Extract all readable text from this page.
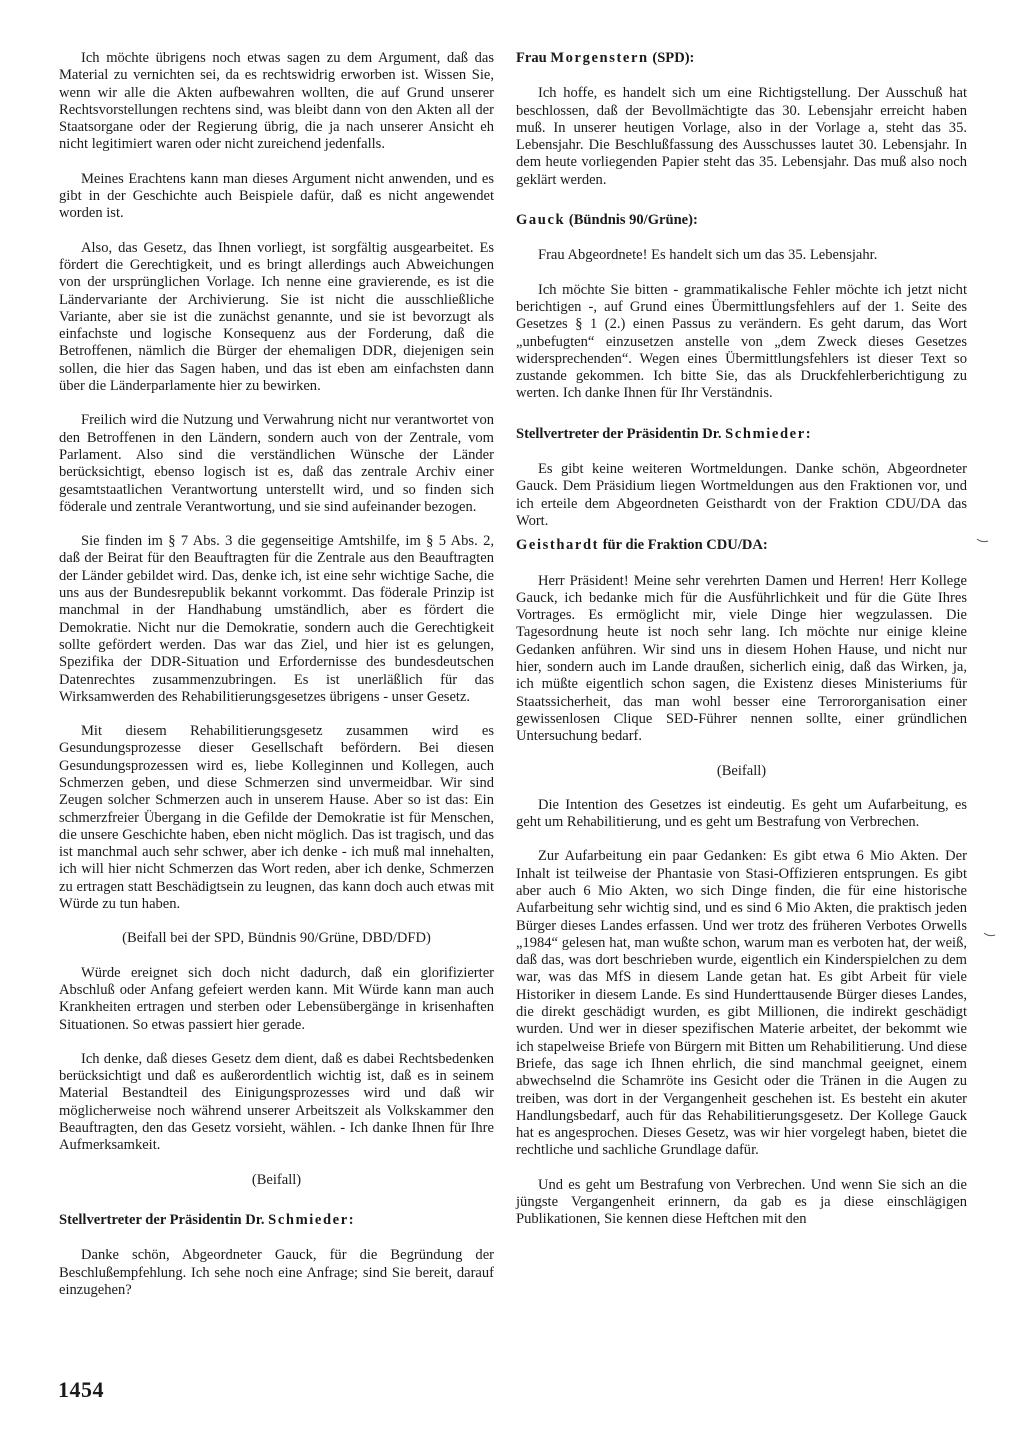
Ich möchte übrigens noch etwas sagen zu dem Argument, daß das Material zu vernichten sei, da es rechtswidrig erworben ist. Wissen Sie, wenn wir alle die Akten aufbewahren wollten, die auf Grund unserer Rechtsvorstellungen rechtens sind, was bleibt dann von den Akten all der Staatsorgane oder der Regierung übrig, die ja nach unserer Ansicht eh nicht legitimiert waren oder nicht zureichend jedenfalls.

Meines Erachtens kann man dieses Argument nicht anwenden, und es gibt in der Geschichte auch Beispiele dafür, daß es nicht angewendet worden ist.

Also, das Gesetz, das Ihnen vorliegt, ist sorgfältig ausgearbeitet. Es fördert die Gerechtigkeit, und es bringt allerdings auch Abweichungen von der ursprünglichen Vorlage. Ich nenne eine gravierende, es ist die Ländervariante der Archivierung. Sie ist nicht die ausschließliche Variante, aber sie ist die zunächst genannte, und sie ist bevorzugt als einfachste und logische Konsequenz aus der Forderung, daß die Betroffenen, nämlich die Bürger der ehemaligen DDR, diejenigen sein sollen, die hier das Sagen haben, und das ist eben am einfachsten dann über die Länderparlamente hier zu bewirken.

Freilich wird die Nutzung und Verwahrung nicht nur verantwortet von den Betroffenen in den Ländern, sondern auch von der Zentrale, vom Parlament. Also sind die verständlichen Wünsche der Länder berücksichtigt, ebenso logisch ist es, daß das zentrale Archiv einer gesamtstaatlichen Verantwortung unterstellt wird, und so finden sich föderale und zentrale Verantwortung, und sie sind aufeinander bezogen.

Sie finden im § 7 Abs. 3 die gegenseitige Amtshilfe, im § 5 Abs. 2, daß der Beirat für den Beauftragten für die Zentrale aus den Beauftragten der Länder gebildet wird. Das, denke ich, ist eine sehr wichtige Sache, die uns aus der Bundesrepublik bekannt vorkommt. Das föderale Prinzip ist manchmal in der Handhabung umständlich, aber es fördert die Demokratie. Nicht nur die Demokratie, sondern auch die Gerechtigkeit sollte gefördert werden. Das war das Ziel, und hier ist es gelungen, Spezifika der DDR-Situation und Erfordernisse des bundesdeutschen Datenrechtes zusammenzubringen. Es ist unerläßlich für das Wirksamwerden des Rehabilitierungsgesetzes übrigens - unser Gesetz.

Mit diesem Rehabilitierungsgesetz zusammen wird es Gesundungsprozesse dieser Gesellschaft befördern. Bei diesen Gesundungsprozessen wird es, liebe Kolleginnen und Kollegen, auch Schmerzen geben, und diese Schmerzen sind unvermeidbar. Wir sind Zeugen solcher Schmerzen auch in unserem Hause. Aber so ist das: Ein schmerzfreier Übergang in die Gefilde der Demokratie ist für Menschen, die unsere Geschichte haben, eben nicht möglich. Das ist tragisch, und das ist manchmal auch sehr schwer, aber ich denke - ich muß mal innehalten, ich will hier nicht Schmerzen das Wort reden, aber ich denke, Schmerzen zu ertragen statt Beschädigtsein zu leugnen, das kann doch auch etwas mit Würde zu tun haben.

(Beifall bei der SPD, Bündnis 90/Grüne, DBD/DFD)

Würde ereignet sich doch nicht dadurch, daß ein glorifizierter Abschluß oder Anfang gefeiert werden kann. Mit Würde kann man auch Krankheiten ertragen und sterben oder Lebensübergänge in krisenhaften Situationen. So etwas passiert hier gerade.

Ich denke, daß dieses Gesetz dem dient, daß es dabei Rechtsbedenken berücksichtigt und daß es außerordentlich wichtig ist, daß es in seinem Material Bestandteil des Einigungsprozesses wird und daß wir möglicherweise noch während unserer Arbeitszeit als Volkskammer den Beauftragten, den das Gesetz vorsieht, wählen. - Ich danke Ihnen für Ihre Aufmerksamkeit.

(Beifall)

Stellvertreter der Präsidentin Dr. Schmieder:

Danke schön, Abgeordneter Gauck, für die Begründung der Beschlußempfehlung. Ich sehe noch eine Anfrage; sind Sie bereit, darauf einzugehen?

Frau Morgenstern (SPD):

Ich hoffe, es handelt sich um eine Richtigstellung. Der Ausschuß hat beschlossen, daß der Bevollmächtigte das 30. Lebensjahr erreicht haben muß. In unserer heutigen Vorlage, also in der Vorlage a, steht das 35. Lebensjahr. Die Beschlußfassung des Ausschusses lautet 30. Lebensjahr. In dem heute vorliegenden Papier steht das 35. Lebensjahr. Das muß also noch geklärt werden.

Gauck (Bündnis 90/Grüne):

Frau Abgeordnete! Es handelt sich um das 35. Lebensjahr.

Ich möchte Sie bitten - grammatikalische Fehler möchte ich jetzt nicht berichtigen -, auf Grund eines Übermittlungsfehlers auf der 1. Seite des Gesetzes § 1 (2.) einen Passus zu verändern. Es geht darum, das Wort „unbefugten“ einzusetzen anstelle von „dem Zweck dieses Gesetzes widersprechenden“. Wegen eines Übermittlungsfehlers ist dieser Text so zustande gekommen. Ich bitte Sie, das als Druckfehlerberichtigung zu werten. Ich danke Ihnen für Ihr Verständnis.

Stellvertreter der Präsidentin Dr. Schmieder:

Es gibt keine weiteren Wortmeldungen. Danke schön, Abgeordneter Gauck. Dem Präsidium liegen Wortmeldungen aus den Fraktionen vor, und ich erteile dem Abgeordneten Geisthardt von der Fraktion CDU/DA das Wort.

Geisthardt für die Fraktion CDU/DA:

Herr Präsident! Meine sehr verehrten Damen und Herren! Herr Kollege Gauck, ich bedanke mich für die Ausführlichkeit und für die Güte Ihres Vortrages. Es ermöglicht mir, viele Dinge hier wegzulassen. Die Tagesordnung heute ist noch sehr lang. Ich möchte nur einige kleine Gedanken anführen. Wir sind uns in diesem Hohen Hause, und nicht nur hier, sondern auch im Lande draußen, sicherlich einig, daß das Wirken, ja, ich müßte eigentlich schon sagen, die Existenz dieses Ministeriums für Staatssicherheit, das man wohl besser eine Terrororganisation einer gewissenlosen Clique SED-Führer nennen sollte, einer gründlichen Untersuchung bedarf.

(Beifall)

Die Intention des Gesetzes ist eindeutig. Es geht um Aufarbeitung, es geht um Rehabilitierung, und es geht um Bestrafung von Verbrechen.

Zur Aufarbeitung ein paar Gedanken: Es gibt etwa 6 Mio Akten. Der Inhalt ist teilweise der Phantasie von Stasi-Offizieren entsprungen. Es gibt aber auch 6 Mio Akten, wo sich Dinge finden, die für eine historische Aufarbeitung sehr wichtig sind, und es sind 6 Mio Akten, die praktisch jeden Bürger dieses Landes erfassen. Und wer trotz des früheren Verbotes Orwells „1984“ gelesen hat, man wußte schon, warum man es verboten hat, der weiß, daß das, was dort beschrieben wurde, eigentlich ein Kinderspielchen zu dem war, was das MfS in diesem Lande getan hat. Es gibt Arbeit für viele Historiker in diesem Lande. Es sind Hunderttausende Bürger dieses Landes, die direkt geschädigt wurden, es gibt Millionen, die indirekt geschädigt wurden. Und wer in dieser spezifischen Materie arbeitet, der bekommt wie ich stapelweise Briefe von Bürgern mit Bitten um Rehabilitierung. Und diese Briefe, das sage ich Ihnen ehrlich, die sind manchmal geeignet, einem abwechselnd die Schamröte ins Gesicht oder die Tränen in die Augen zu treiben, was dort in der Vergangenheit geschehen ist. Es besteht ein akuter Handlungsbedarf, auch für das Rehabilitierungsgesetz. Der Kollege Gauck hat es angesprochen. Dieses Gesetz, was wir hier vorgelegt haben, bietet die rechtliche und sachliche Grundlage dafür.

Und es geht um Bestrafung von Verbrechen. Und wenn Sie sich an die jüngste Vergangenheit erinnern, da gab es ja diese einschlägigen Publikationen, Sie kennen diese Heftchen mit den

1454
